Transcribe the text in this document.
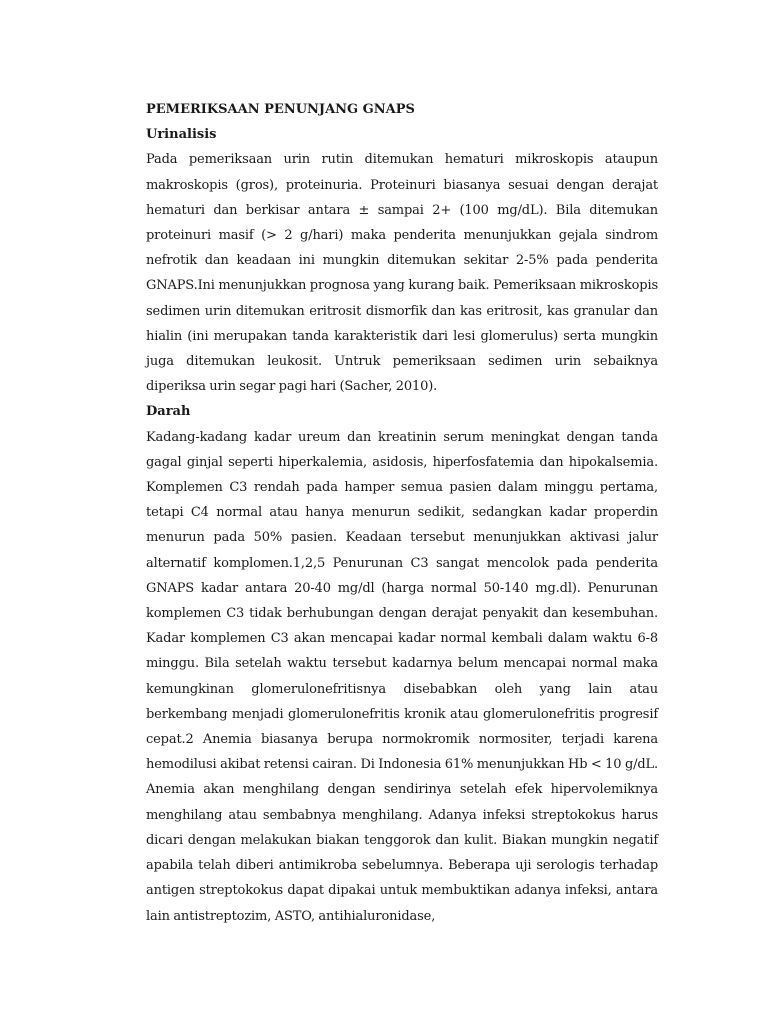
PEMERIKSAAN PENUNJANG GNAPS

Urinalisis

Pada pemeriksaan urin rutin ditemukan hematuri mikroskopis ataupun makroskopis (gros), proteinuria. Proteinuri biasanya sesuai dengan derajat hematuri dan berkisar antara ± sampai 2+ (100 mg/dL). Bila ditemukan proteinuri masif (> 2 g/hari) maka penderita menunjukkan gejala sindrom nefrotik dan keadaan ini mungkin ditemukan sekitar 2-5% pada penderita GNAPS.Ini menunjukkan prognosa yang kurang baik. Pemeriksaan mikroskopis sedimen urin ditemukan eritrosit dismorfik dan kas eritrosit, kas granular dan hialin (ini merupakan tanda karakteristik dari lesi glomerulus) serta mungkin juga ditemukan leukosit. Untruk pemeriksaan sedimen urin sebaiknya diperiksa urin segar pagi hari (Sacher, 2010).

Darah

Kadang-kadang kadar ureum dan kreatinin serum meningkat dengan tanda gagal ginjal seperti hiperkalemia, asidosis, hiperfosfatemia dan hipokalsemia. Komplemen C3 rendah pada hamper semua pasien dalam minggu pertama, tetapi C4 normal atau hanya menurun sedikit, sedangkan kadar properdin menurun pada 50% pasien. Keadaan tersebut menunjukkan aktivasi jalur alternatif komplomen.1,2,5 Penurunan C3 sangat mencolok pada penderita GNAPS kadar antara 20-40 mg/dl (harga normal 50-140 mg.dl). Penurunan komplemen C3 tidak berhubungan dengan derajat penyakit dan kesembuhan. Kadar komplemen C3 akan mencapai kadar normal kembali dalam waktu 6-8 minggu. Bila setelah waktu tersebut kadarnya belum mencapai normal maka kemungkinan glomerulonefritisnya disebabkan oleh yang lain atau berkembang menjadi glomerulonefritis kronik atau glomerulonefritis progresif cepat.2 Anemia biasanya berupa normokromik normositer, terjadi karena hemodilusi akibat retensi cairan. Di Indonesia 61% menunjukkan Hb < 10 g/dL. Anemia akan menghilang dengan sendirinya setelah efek hipervolemiknya menghilang atau sembabnya menghilang. Adanya infeksi streptokokus harus dicari dengan melakukan biakan tenggorok dan kulit. Biakan mungkin negatif apabila telah diberi antimikroba sebelumnya. Beberapa uji serologis terhadap antigen streptokokus dapat dipakai untuk membuktikan adanya infeksi, antara lain antistreptozim, ASTO, antihialuronidase,
